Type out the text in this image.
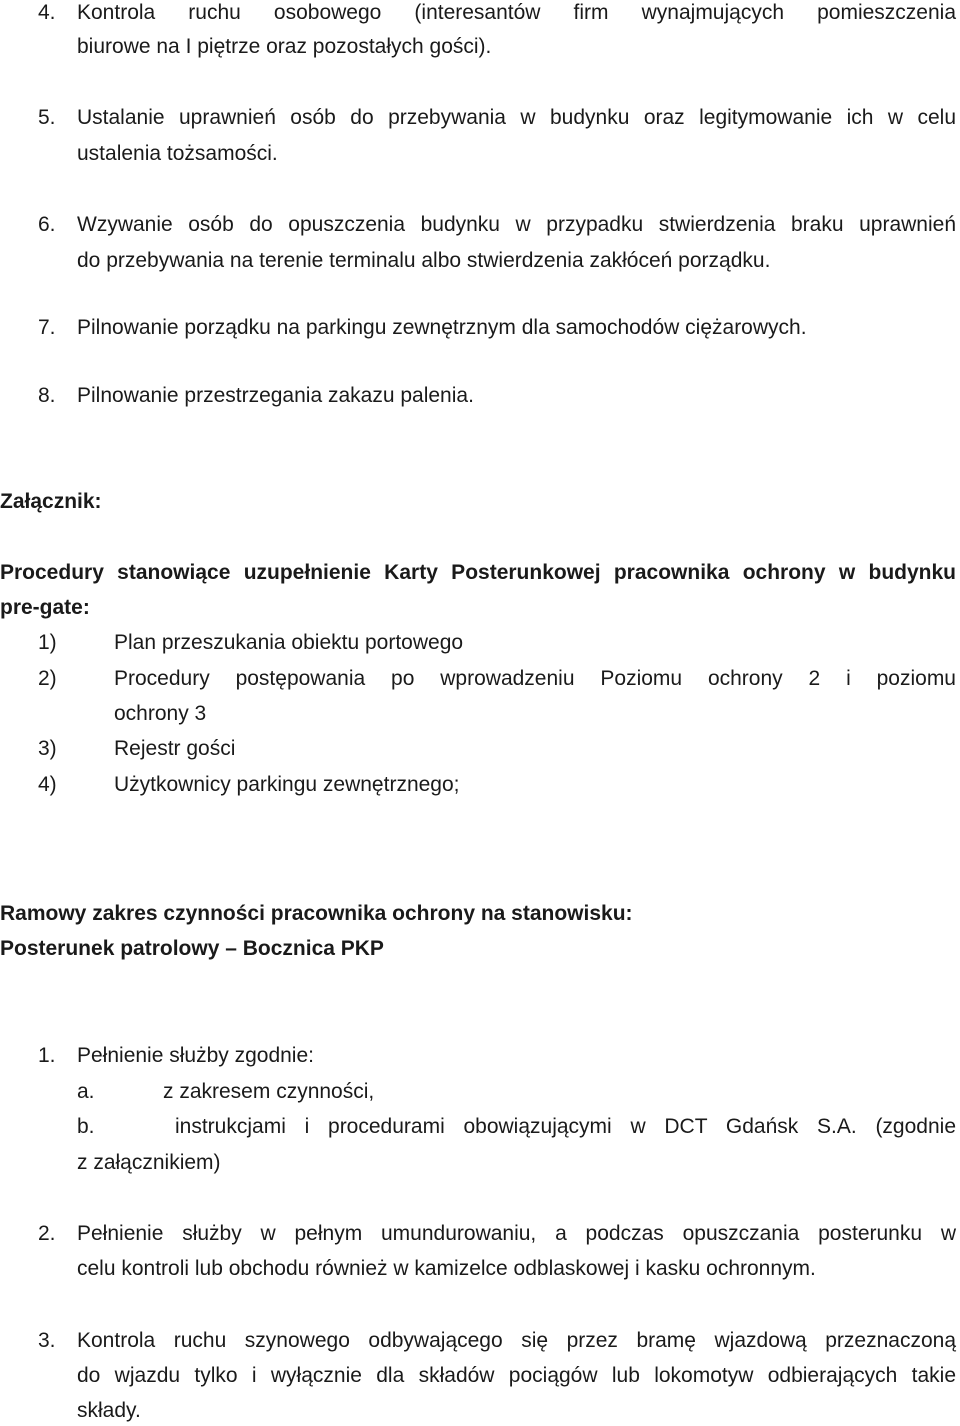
4. Kontrola ruchu osobowego (interesantów firm wynajmujących pomieszczenia
biurowe na I piętrze oraz pozostałych gości).
5. Ustalanie uprawnień osób do przebywania w budynku oraz legitymowanie ich w celu
ustalenia tożsamości.
6. Wzywanie osób do opuszczenia budynku w przypadku stwierdzenia braku uprawnień
do przebywania na terenie terminalu albo stwierdzenia zakłóceń porządku.
7. Pilnowanie porządku na parkingu zewnętrznym dla samochodów ciężarowych.
8. Pilnowanie przestrzegania zakazu palenia.
Załącznik:
Procedury stanowiące uzupełnienie Karty Posterunkowej pracownika ochrony w budynku
pre-gate:
1)	Plan przeszukania obiektu portowego
2)	Procedury postępowania po wprowadzeniu Poziomu ochrony 2 i poziomu
ochrony 3
3)	Rejestr gości
4)	Użytkownicy parkingu zewnętrznego;
Ramowy zakres czynności pracownika ochrony na stanowisku:
Posterunek patrolowy – Bocznica PKP
1. Pełnienie służby zgodnie:
a.	z zakresem czynności,
b.	instrukcjami i procedurami obowiązującymi w DCT Gdańsk S.A. (zgodnie
z załącznikiem)
2. Pełnienie służby w pełnym umundurowaniu, a podczas opuszczania posterunku w
celu kontroli lub obchodu również w kamizelce odblaskowej i kasku ochronnym.
3. Kontrola ruchu szynowego odbywającego się przez bramę wjazdową przeznaczoną
do wjazdu tylko i wyłącznie dla składów pociągów lub lokomotyw odbierających takie
składy.
